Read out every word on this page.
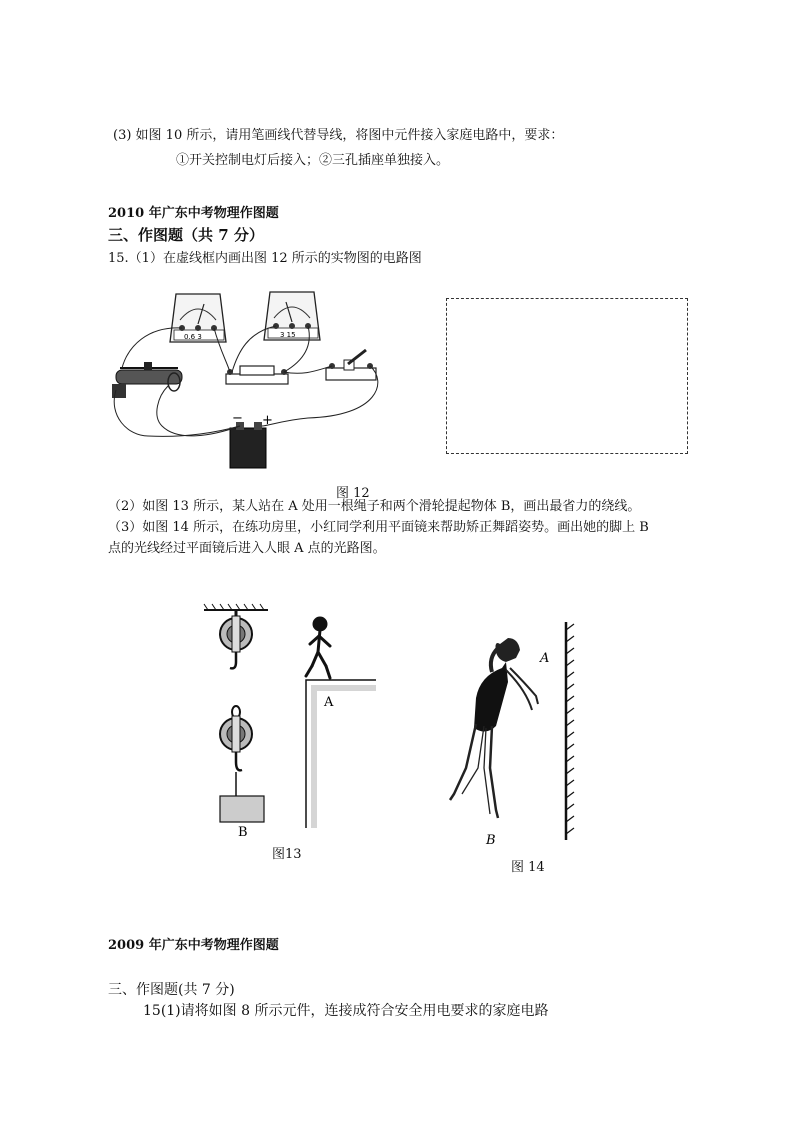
(3) 如图 10 所示，请用笔画线代替导线，将图中元件接入家庭电路中，要求：
①开关控制电灯后接入；②三孔插座单独接入。
2010 年广东中考物理作图题
三、作图题（共 7 分）
15.（1）在虚线框内画出图 12 所示的实物图的电路图
0.6 3	3 15
− +
图 12
（2）如图 13 所示，某人站在 A 处用一根绳子和两个滑轮提起物体 B，画出最省力的绕线。
（3）如图 14 所示，在练功房里，小红同学利用平面镜来帮助矫正舞蹈姿势。画出她的脚上 B
点的光线经过平面镜后进入人眼 A 点的光路图。
B
A
图13
A
B
图 14
2009 年广东中考物理作图题
三、作图题(共 7 分)
15(1)请将如图 8 所示元件，连接成符合安全用电要求的家庭电路
